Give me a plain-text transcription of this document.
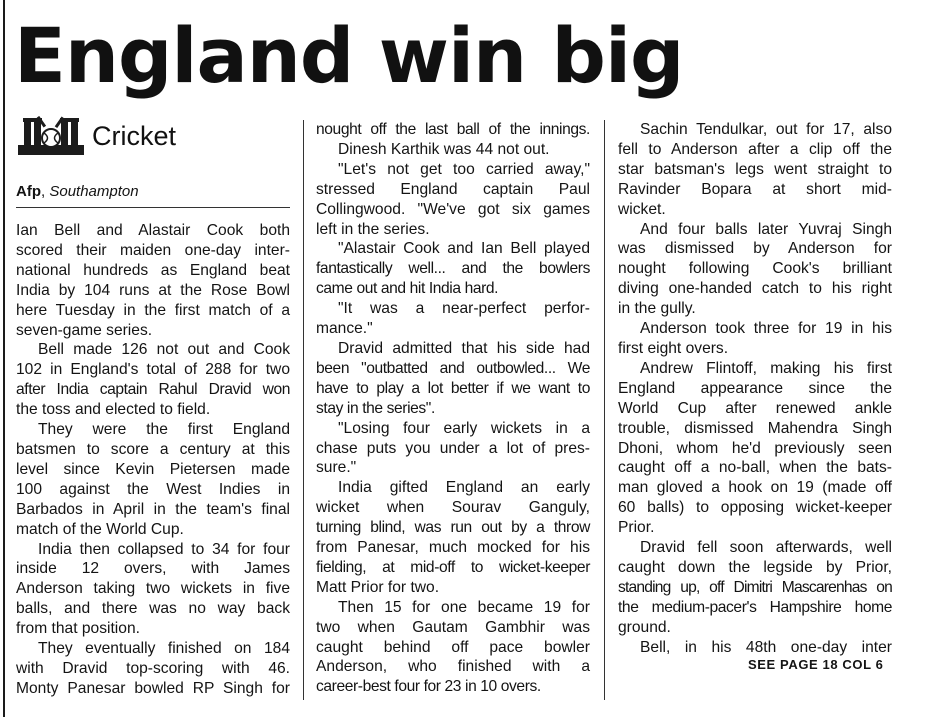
England win big
Cricket
Afp, Southampton
Ian Bell and Alastair Cook both
scored their maiden one-day inter-
national hundreds as England beat
India by 104 runs at the Rose Bowl
here Tuesday in the first match of a
seven-game series.
Bell made 126 not out and Cook
102 in England's total of 288 for two
after India captain Rahul Dravid won
the toss and elected to field.
They were the first England
batsmen to score a century at this
level since Kevin Pietersen made
100 against the West Indies in
Barbados in April in the team's final
match of the World Cup.
India then collapsed to 34 for four
inside 12 overs, with James
Anderson taking two wickets in five
balls, and there was no way back
from that position.
They eventually finished on 184
with Dravid top-scoring with 46.
Monty Panesar bowled RP Singh for
nought off the last ball of the innings.
Dinesh Karthik was 44 not out.
"Let's not get too carried away,"
stressed England captain Paul
Collingwood. "We've got six games
left in the series.
"Alastair Cook and Ian Bell played
fantastically well... and the bowlers
came out and hit India hard.
"It was a near-perfect perfor-
mance."
Dravid admitted that his side had
been "outbatted and outbowled... We
have to play a lot better if we want to
stay in the series".
"Losing four early wickets in a
chase puts you under a lot of pres-
sure."
India gifted England an early
wicket when Sourav Ganguly,
turning blind, was run out by a throw
from Panesar, much mocked for his
fielding, at mid-off to wicket-keeper
Matt Prior for two.
Then 15 for one became 19 for
two when Gautam Gambhir was
caught behind off pace bowler
Anderson, who finished with a
career-best four for 23 in 10 overs.
Sachin Tendulkar, out for 17, also
fell to Anderson after a clip off the
star batsman's legs went straight to
Ravinder Bopara at short mid-
wicket.
And four balls later Yuvraj Singh
was dismissed by Anderson for
nought following Cook's brilliant
diving one-handed catch to his right
in the gully.
Anderson took three for 19 in his
first eight overs.
Andrew Flintoff, making his first
England appearance since the
World Cup after renewed ankle
trouble, dismissed Mahendra Singh
Dhoni, whom he'd previously seen
caught off a no-ball, when the bats-
man gloved a hook on 19 (made off
60 balls) to opposing wicket-keeper
Prior.
Dravid fell soon afterwards, well
caught down the legside by Prior,
standing up, off Dimitri Mascarenhas on
the medium-pacer's Hampshire home
ground.
Bell, in his 48th one-day inter
SEE PAGE 18 COL 6
